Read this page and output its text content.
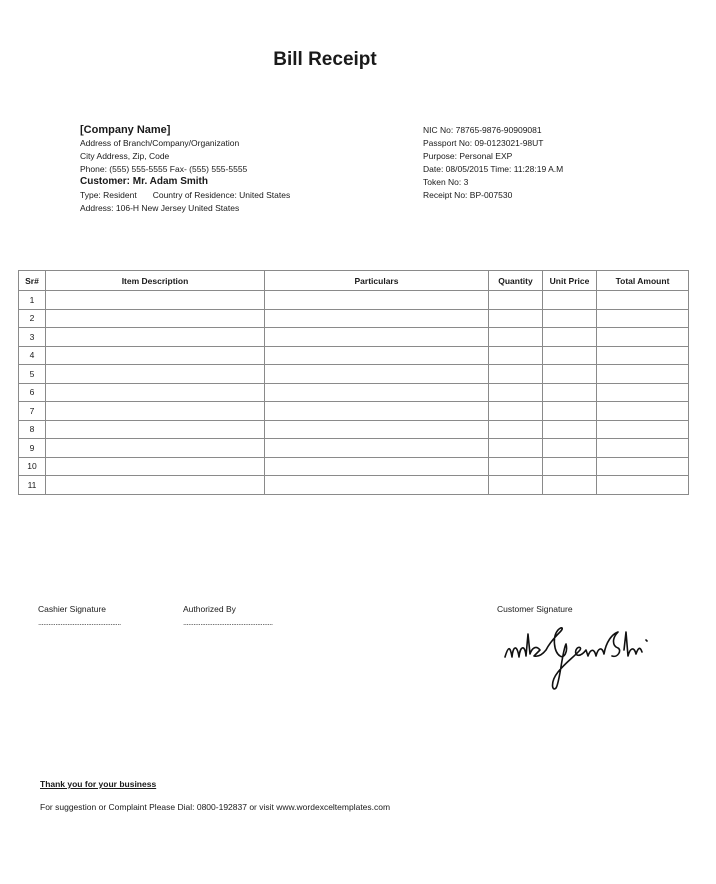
Bill Receipt
[Company Name]
Address of Branch/Company/Organization
City Address, Zip, Code
Phone: (555) 555-5555 Fax- (555) 555-5555
Customer: Mr. Adam Smith
Type: Resident Country of Residence: United States
Address: 106-H New Jersey United States
NIC No: 78765-9876-90909081
Passport No: 09-0123021-98UT
Purpose: Personal EXP
Date: 08/05/2015 Time: 11:28:19 A.M
Token No: 3
Receipt No: BP-007530
Sr#	Item Description	Particulars	Quantity	Unit Price	Total Amount
1					
2					
3					
4					
5					
6					
7					
8					
9					
10					
11					
Cashier Signature
................................................
Authorized By
....................................................
Customer Signature
Thank you for your business
For suggestion or Complaint Please Dial: 0800-192837 or visit www.wordexceltemplates.com
